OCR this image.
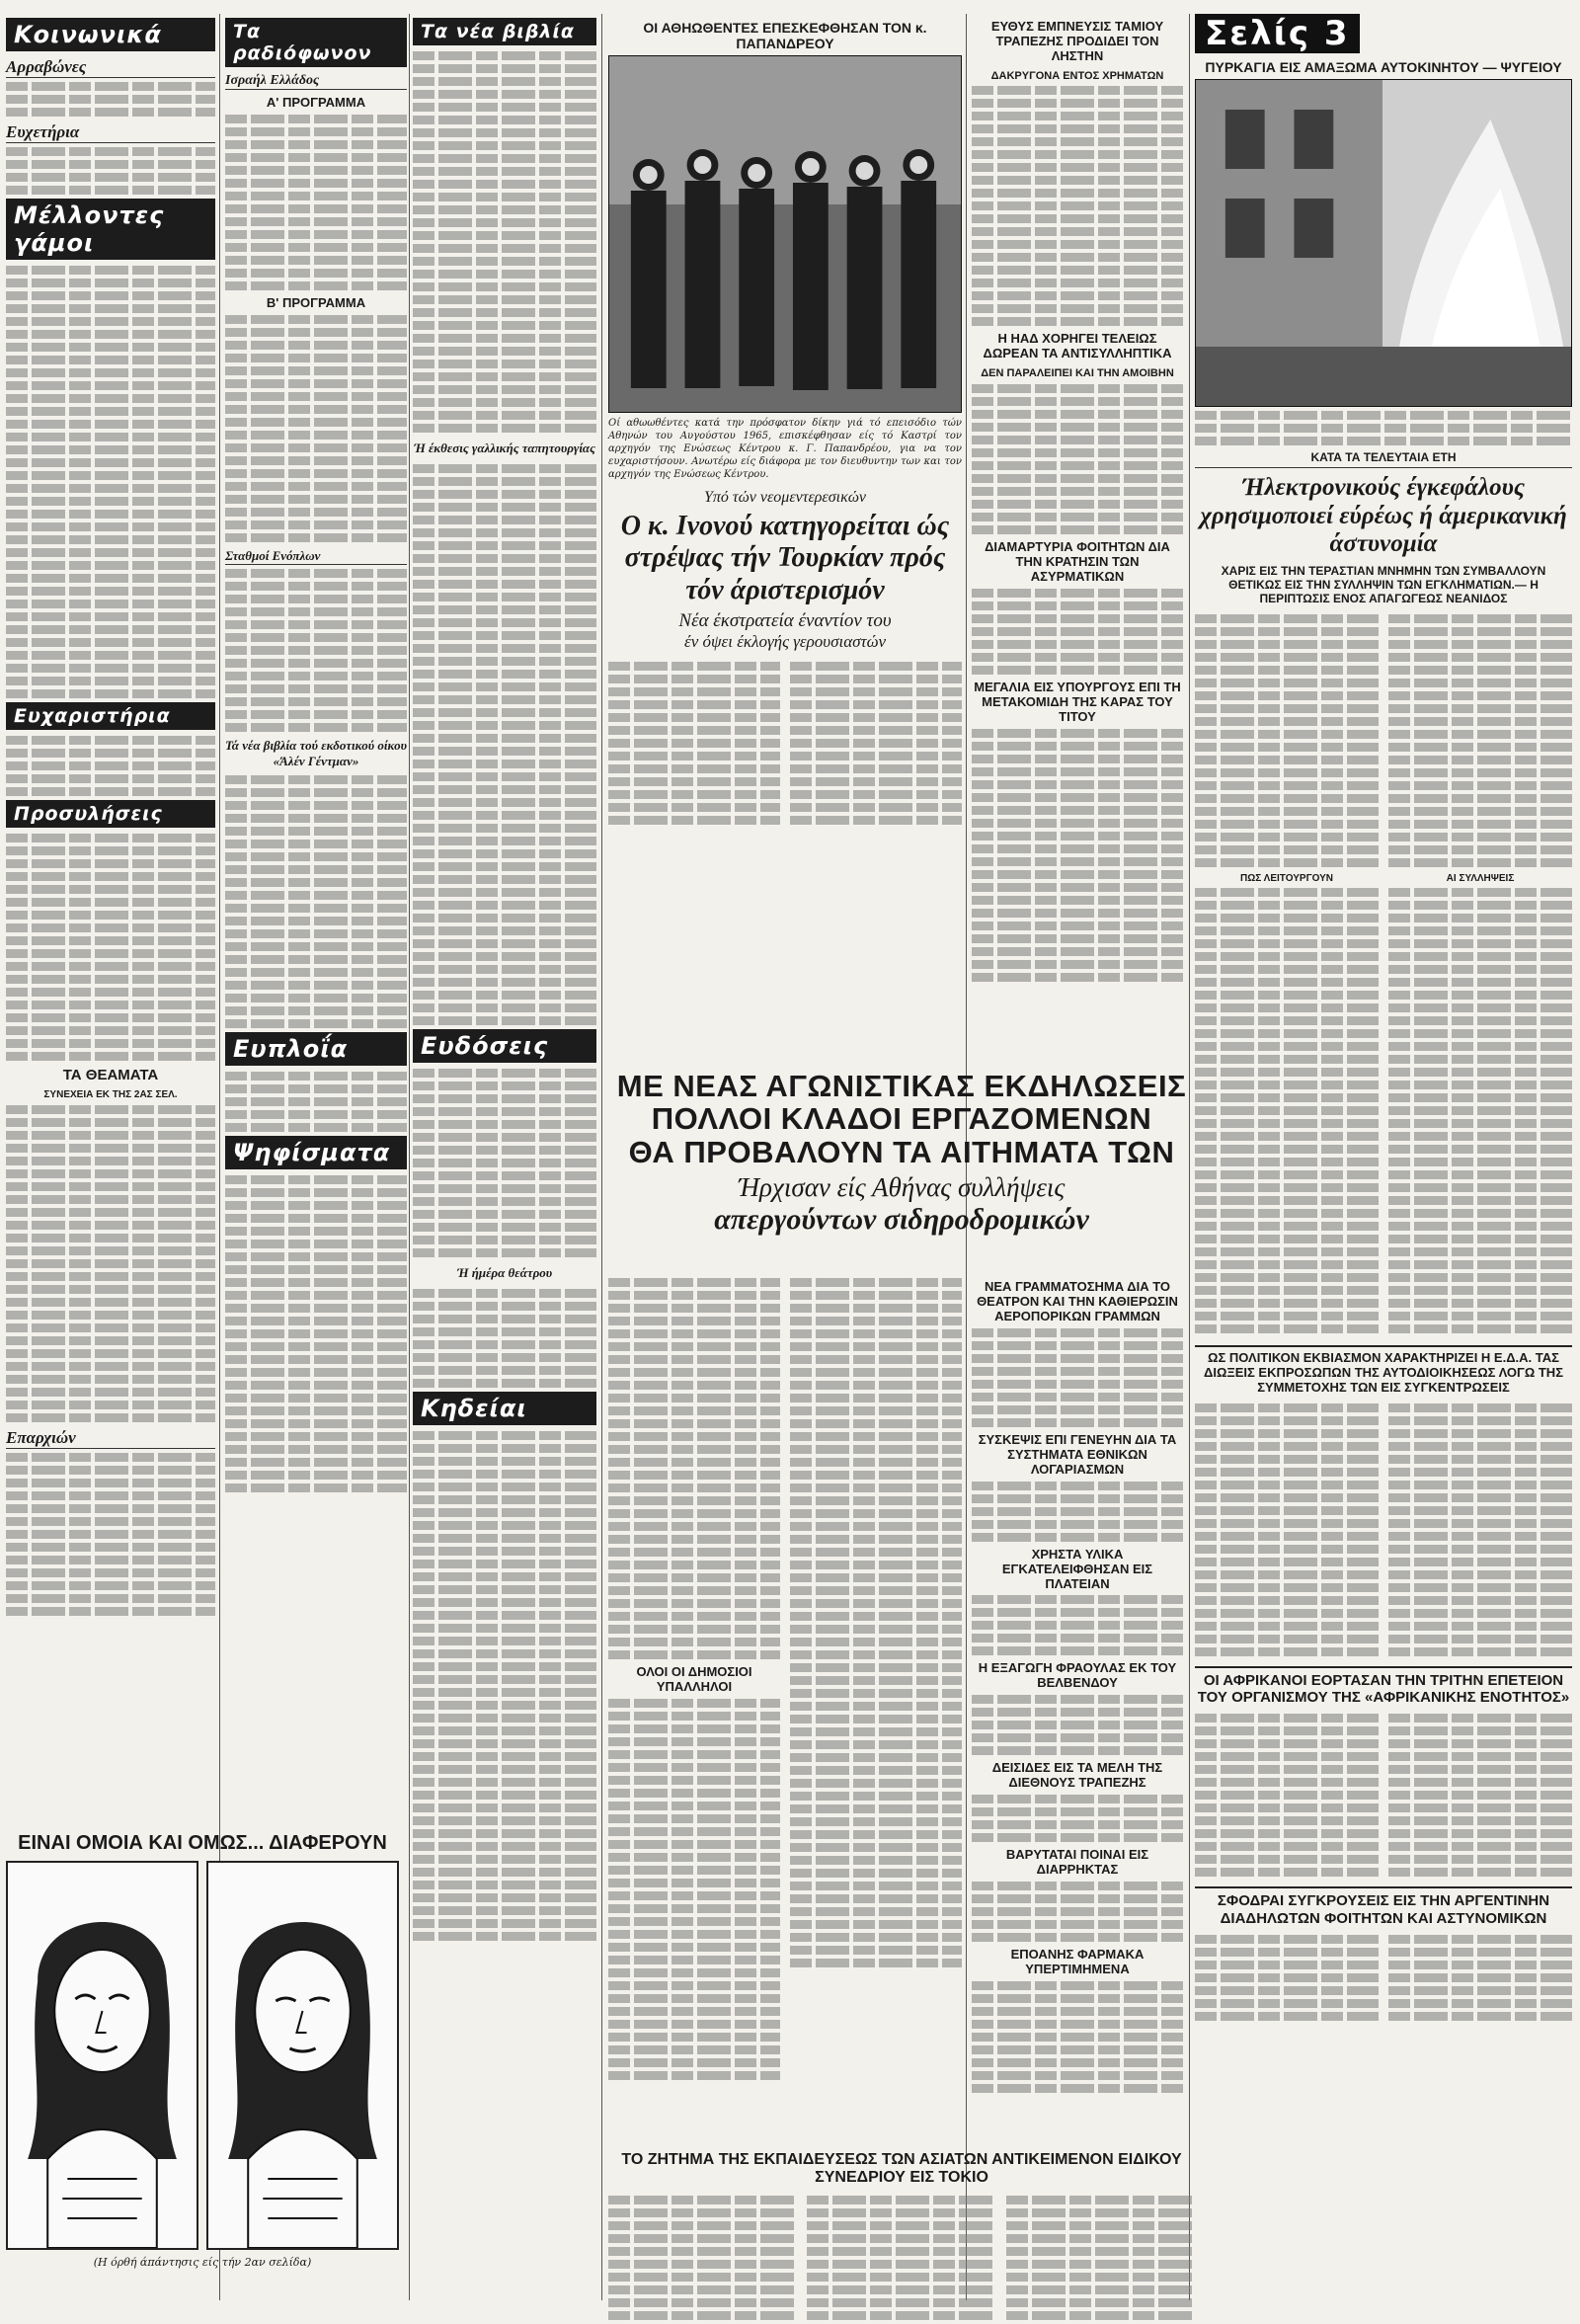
Κοινωνικά
Αρραβώνες
Ευχετήρια
Μέλλοντες γάμοι
Ευχαριστήρια
Προσυλήσεις
ΤΑ ΘΕΑΜΑΤΑ
ΣΥΝΕΧΕΙΑ ΕΚ ΤΗΣ 2ΑΣ ΣΕΛ.
Επαρχιών
Τα ραδιόφωνον
Ισραήλ Ελλάδος
Α' ΠΡΟΓΡΑΜΜΑ
Β' ΠΡΟΓΡΑΜΜΑ
Σταθμοί Ενόπλων
Τά νέα βιβλία τού εκδοτικού οίκου «Άλέν Γέντμαν»
Ευπλοΐα
Ψηφίσματα
Τα νέα βιβλία
Ή έκθεσις γαλλικής ταπητουργίας
Ευδόσεις
Ή ήμέρα θεάτρου
Κηδείαι
ΟΙ ΑΘΗΩΘΕΝΤΕΣ ΕΠΕΣΚΕΦΘΗΣΑΝ ΤΟΝ κ. ΠΑΠΑΝΔΡΕΟΥ
Οί αθωωθέντες κατά την πρόσφατον δίκην γιά τό επεισόδιο τών Αθηνών του Αυγούστου 1965, επισκέφθησαν είς τό Καστρί τον αρχηγόν της Ενώσεως Κέντρου κ. Γ. Παπανδρέου, για να τον ευχαριστήσουν. Ανωτέρω είς διάφορα με τον διευθυντην των και τον αρχηγόν της Ενώσεως Κέντρου.
Υπό τών νεομεντερεσικών
Ο κ. Ινονού κατηγορείται ώς στρέψας τήν Τουρκίαν πρός τόν άριστερισμόν
Νέα έκστρατεία έναντίον του
έν όψει έκλογής γερουσιαστών
ΜΕ ΝΕΑΣ ΑΓΩΝΙΣΤΙΚΑΣ ΕΚΔΗΛΩΣΕΙΣ
ΠΟΛΛΟΙ ΚΛΑΔΟΙ ΕΡΓΑΖΟΜΕΝΩΝ
ΘΑ ΠΡΟΒΑΛΟΥΝ ΤΑ ΑΙΤΗΜΑΤΑ ΤΩΝ
Ήρχισαν είς Αθήνας συλλήψεις
απεργούντων σιδηροδρομικών
ΟΛΟΙ ΟΙ ΔΗΜΟΣΙΟΙ ΥΠΑΛΛΗΛΟΙ
ΤΟ ΖΗΤΗΜΑ ΤΗΣ ΕΚΠΑΙΔΕΥΣΕΩΣ ΤΩΝ ΑΣΙΑΤΩΝ ΑΝΤΙΚΕΙΜΕΝΟΝ ΕΙΔΙΚΟΥ ΣΥΝΕΔΡΙΟΥ ΕΙΣ ΤΟΚΙΟ
ΕΥΘΥΣ ΕΜΠΝΕΥΣΙΣ ΤΑΜΙΟΥ ΤΡΑΠΕΖΗΣ ΠΡΟΔΙΔΕΙ ΤΟΝ ΛΗΣΤΗΝ
ΔΑΚΡΥΓΟΝΑ ΕΝΤΟΣ ΧΡΗΜΑΤΩΝ
Η ΗΑΔ ΧΟΡΗΓΕΙ ΤΕΛΕΙΩΣ ΔΩΡΕΑΝ ΤΑ ΑΝΤΙΣΥΛΛΗΠΤΙΚΑ
ΔΕΝ ΠΑΡΑΛΕΙΠΕΙ ΚΑΙ ΤΗΝ ΑΜΟΙΒΗΝ
ΔΙΑΜΑΡΤΥΡΙΑ ΦΟΙΤΗΤΩΝ ΔΙΑ ΤΗΝ ΚΡΑΤΗΣΙΝ ΤΩΝ ΑΣΥΡΜΑΤΙΚΩΝ
ΜΕΓΑΛΙΑ ΕΙΣ ΥΠΟΥΡΓΟΥΣ ΕΠΙ ΤΗ ΜΕΤΑΚΟΜΙΔΗ ΤΗΣ ΚΑΡΑΣ ΤΟΥ ΤΙΤΟΥ
ΝΕΑ ΓΡΑΜΜΑΤΟΣΗΜΑ ΔΙΑ ΤΟ ΘΕΑΤΡΟΝ ΚΑΙ ΤΗΝ ΚΑΘΙΕΡΩΣΙΝ ΑΕΡΟΠΟΡΙΚΩΝ ΓΡΑΜΜΩΝ
ΣΥΣΚΕΨΙΣ ΕΠΙ ΓΕΝΕΥΗΝ ΔΙΑ ΤΑ ΣΥΣΤΗΜΑΤΑ ΕΘΝΙΚΩΝ ΛΟΓΑΡΙΑΣΜΩΝ
ΧΡΗΣΤΑ ΥΛΙΚΑ ΕΓΚΑΤΕΛΕΙΦΘΗΣΑΝ ΕΙΣ ΠΛΑΤΕΙΑΝ
Η ΕΞΑΓΩΓΗ ΦΡΑΟΥΛΑΣ ΕΚ ΤΟΥ ΒΕΛΒΕΝΔΟΥ
ΔΕΙΣΙΔΕΣ ΕΙΣ ΤΑ ΜΕΛΗ ΤΗΣ ΔΙΕΘΝΟΥΣ ΤΡΑΠΕΖΗΣ
ΒΑΡΥΤΑΤΑΙ ΠΟΙΝΑΙ ΕΙΣ ΔΙΑΡΡΗΚΤΑΣ
ΕΠΟΑΝΗΣ ΦΑΡΜΑΚΑ ΥΠΕΡΤΙΜΗΜΕΝΑ
Σελίς 3
ΠΥΡΚΑΓΙΑ ΕΙΣ ΑΜΑΞΩΜΑ ΑΥΤΟΚΙΝΗΤΟΥ — ΨΥΓΕΙΟΥ
ΚΑΤΑ ΤΑ ΤΕΛΕΥΤΑΙΑ ΕΤΗ
Ήλεκτρονικούς έγκεφάλους χρησιμοποιεί εύρέως ή άμερικανική άστυνομία
ΧΑΡΙΣ ΕΙΣ ΤΗΝ ΤΕΡΑΣΤΙΑΝ ΜΝΗΜΗΝ ΤΩΝ ΣΥΜΒΑΛΛΟΥΝ ΘΕΤΙΚΩΣ ΕΙΣ ΤΗΝ ΣΥΛΛΗΨΙΝ ΤΩΝ ΕΓΚΛΗΜΑΤΙΩΝ.— Η ΠΕΡΙΠΤΩΣΙΣ ΕΝΟΣ ΑΠΑΓΩΓΕΩΣ ΝΕΑΝΙΔΟΣ
ΠΩΣ ΛΕΙΤΟΥΡΓΟΥΝ	ΑΙ ΣΥΛΛΗΨΕΙΣ
ΩΣ ΠΟΛΙΤΙΚΟΝ ΕΚΒΙΑΣΜΟΝ ΧΑΡΑΚΤΗΡΙΖΕΙ Η Ε.Δ.Α. ΤΑΣ ΔΙΩΞΕΙΣ ΕΚΠΡΟΣΩΠΩΝ ΤΗΣ ΑΥΤΟΔΙΟΙΚΗΣΕΩΣ ΛΟΓΩ ΤΗΣ ΣΥΜΜΕΤΟΧΗΣ ΤΩΝ ΕΙΣ ΣΥΓΚΕΝΤΡΩΣΕΙΣ
ΟΙ ΑΦΡΙΚΑΝΟΙ ΕΟΡΤΑΣΑΝ ΤΗΝ ΤΡΙΤΗΝ ΕΠΕΤΕΙΟΝ ΤΟΥ ΟΡΓΑΝΙΣΜΟΥ ΤΗΣ «ΑΦΡΙΚΑΝΙΚΗΣ ΕΝΟΤΗΤΟΣ»
ΣΦΟΔΡΑΙ ΣΥΓΚΡΟΥΣΕΙΣ ΕΙΣ ΤΗΝ ΑΡΓΕΝΤΙΝΗΝ ΔΙΑΔΗΛΩΤΩΝ ΦΟΙΤΗΤΩΝ ΚΑΙ ΑΣΤΥΝΟΜΙΚΩΝ
ΕΙΝΑΙ ΟΜΟΙΑ ΚΑΙ ΟΜΩΣ... ΔΙΑΦΕΡΟΥΝ
(Η όρθή άπάντησις είς τήν 2αν σελίδα)
